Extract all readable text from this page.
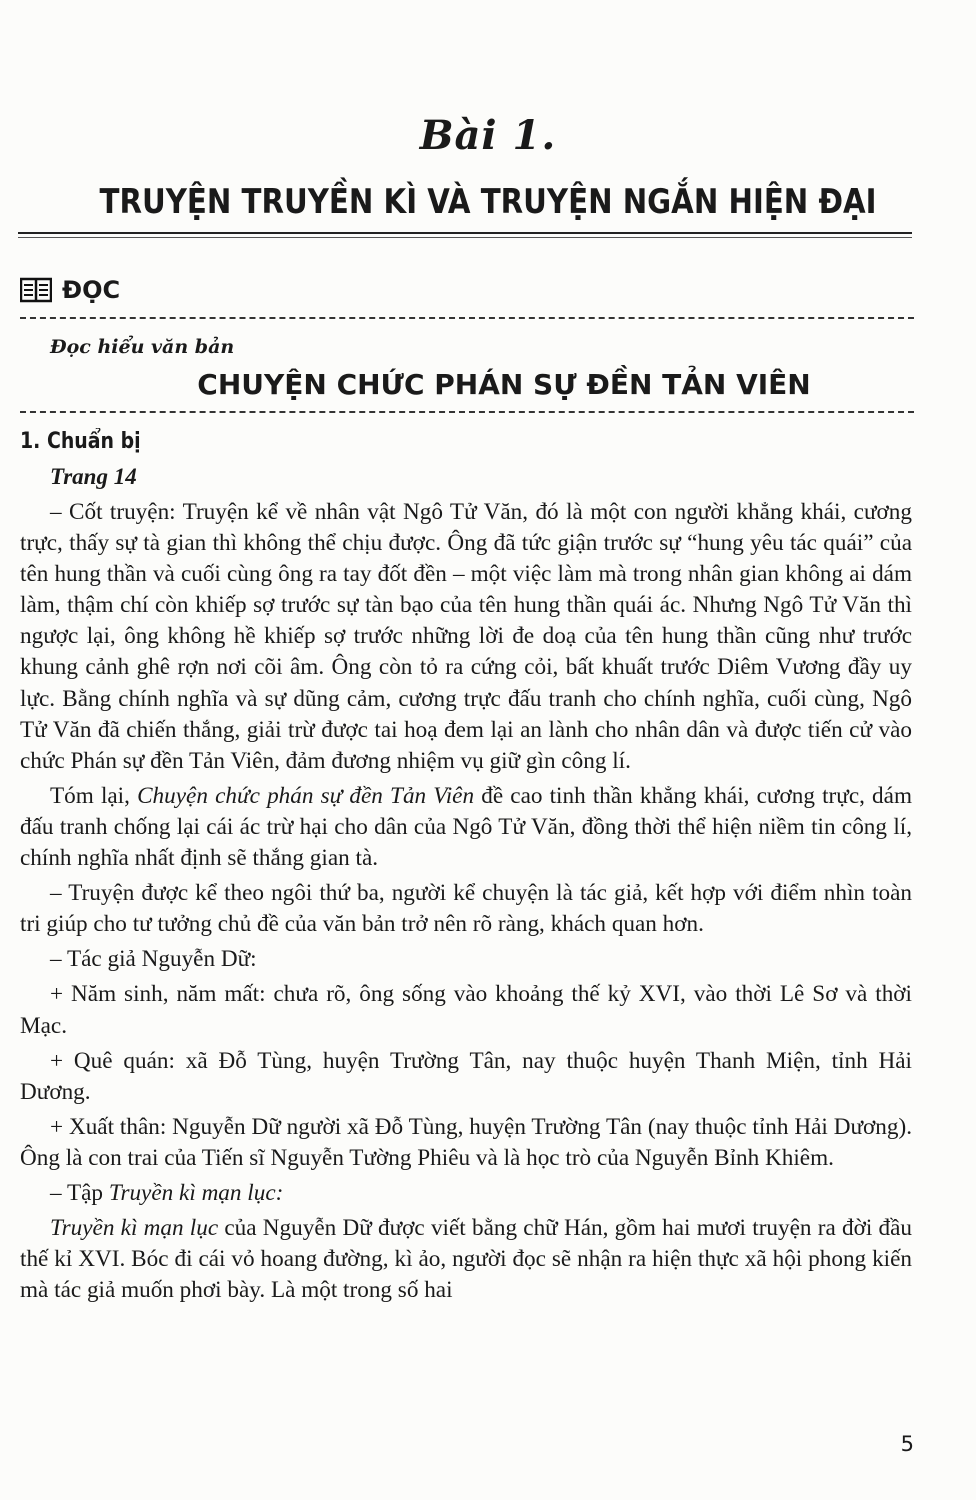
Bài 1.
TRUYỆN TRUYỀN KÌ VÀ TRUYỆN NGẮN HIỆN ĐẠI
ĐỌC
Đọc hiểu văn bản
CHUYỆN CHỨC PHÁN SỰ ĐỀN TẢN VIÊN
1. Chuẩn bị
Trang 14

– Cốt truyện: Truyện kể về nhân vật Ngô Tử Văn, đó là một con người khẳng khái, cương trực, thấy sự tà gian thì không thể chịu được. Ông đã tức giận trước sự “hung yêu tác quái” của tên hung thần và cuối cùng ông ra tay đốt đền – một việc làm mà trong nhân gian không ai dám làm, thậm chí còn khiếp sợ trước sự tàn bạo của tên hung thần quái ác. Nhưng Ngô Tử Văn thì ngược lại, ông không hề khiếp sợ trước những lời đe doạ của tên hung thần cũng như trước khung cảnh ghê rợn nơi cõi âm. Ông còn tỏ ra cứng cỏi, bất khuất trước Diêm Vương đầy uy lực. Bằng chính nghĩa và sự dũng cảm, cương trực đấu tranh cho chính nghĩa, cuối cùng, Ngô Tử Văn đã chiến thắng, giải trừ được tai hoạ đem lại an lành cho nhân dân và được tiến cử vào chức Phán sự đền Tản Viên, đảm đương nhiệm vụ giữ gìn công lí.

Tóm lại, Chuyện chức phán sự đền Tản Viên đề cao tinh thần khẳng khái, cương trực, dám đấu tranh chống lại cái ác trừ hại cho dân của Ngô Tử Văn, đồng thời thể hiện niềm tin công lí, chính nghĩa nhất định sẽ thắng gian tà.

– Truyện được kể theo ngôi thứ ba, người kể chuyện là tác giả, kết hợp với điểm nhìn toàn tri giúp cho tư tưởng chủ đề của văn bản trở nên rõ ràng, khách quan hơn.

– Tác giả Nguyễn Dữ:

+ Năm sinh, năm mất: chưa rõ, ông sống vào khoảng thế kỷ XVI, vào thời Lê Sơ và thời Mạc.

+ Quê quán: xã Đỗ Tùng, huyện Trường Tân, nay thuộc huyện Thanh Miện, tỉnh Hải Dương.

+ Xuất thân: Nguyễn Dữ người xã Đỗ Tùng, huyện Trường Tân (nay thuộc tỉnh Hải Dương). Ông là con trai của Tiến sĩ Nguyễn Tường Phiêu và là học trò của Nguyễn Bỉnh Khiêm.

– Tập Truyền kì mạn lục:

Truyền kì mạn lục của Nguyễn Dữ được viết bằng chữ Hán, gồm hai mươi truyện ra đời đầu thế kỉ XVI. Bóc đi cái vỏ hoang đường, kì ảo, người đọc sẽ nhận ra hiện thực xã hội phong kiến mà tác giả muốn phơi bày. Là một trong số hai

5
